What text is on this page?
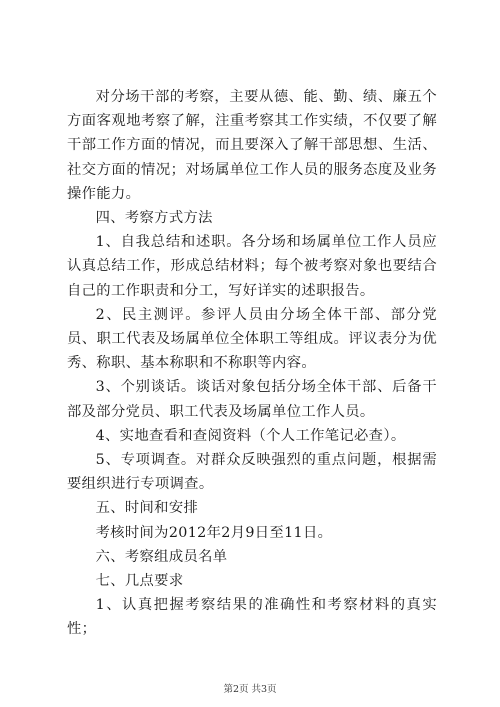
对分场干部的考察，主要从德、能、勤、绩、廉五个方面客观地考察了解，注重考察其工作实绩，不仅要了解干部工作方面的情况，而且要深入了解干部思想、生活、社交方面的情况；对场属单位工作人员的服务态度及业务操作能力。

四、考察方式方法

1、自我总结和述职。各分场和场属单位工作人员应认真总结工作，形成总结材料；每个被考察对象也要结合自己的工作职责和分工，写好详实的述职报告。

2、民主测评。参评人员由分场全体干部、部分党员、职工代表及场属单位全体职工等组成。评议表分为优秀、称职、基本称职和不称职等内容。

3、个别谈话。谈话对象包括分场全体干部、后备干部及部分党员、职工代表及场属单位工作人员。

4、实地查看和查阅资料（个人工作笔记必查）。

5、专项调查。对群众反映强烈的重点问题，根据需要组织进行专项调查。

五、时间和安排

考核时间为2012年2月9日至11日。

六、考察组成员名单

七、几点要求

1、认真把握考察结果的准确性和考察材料的真实性；

第2页 共3页
